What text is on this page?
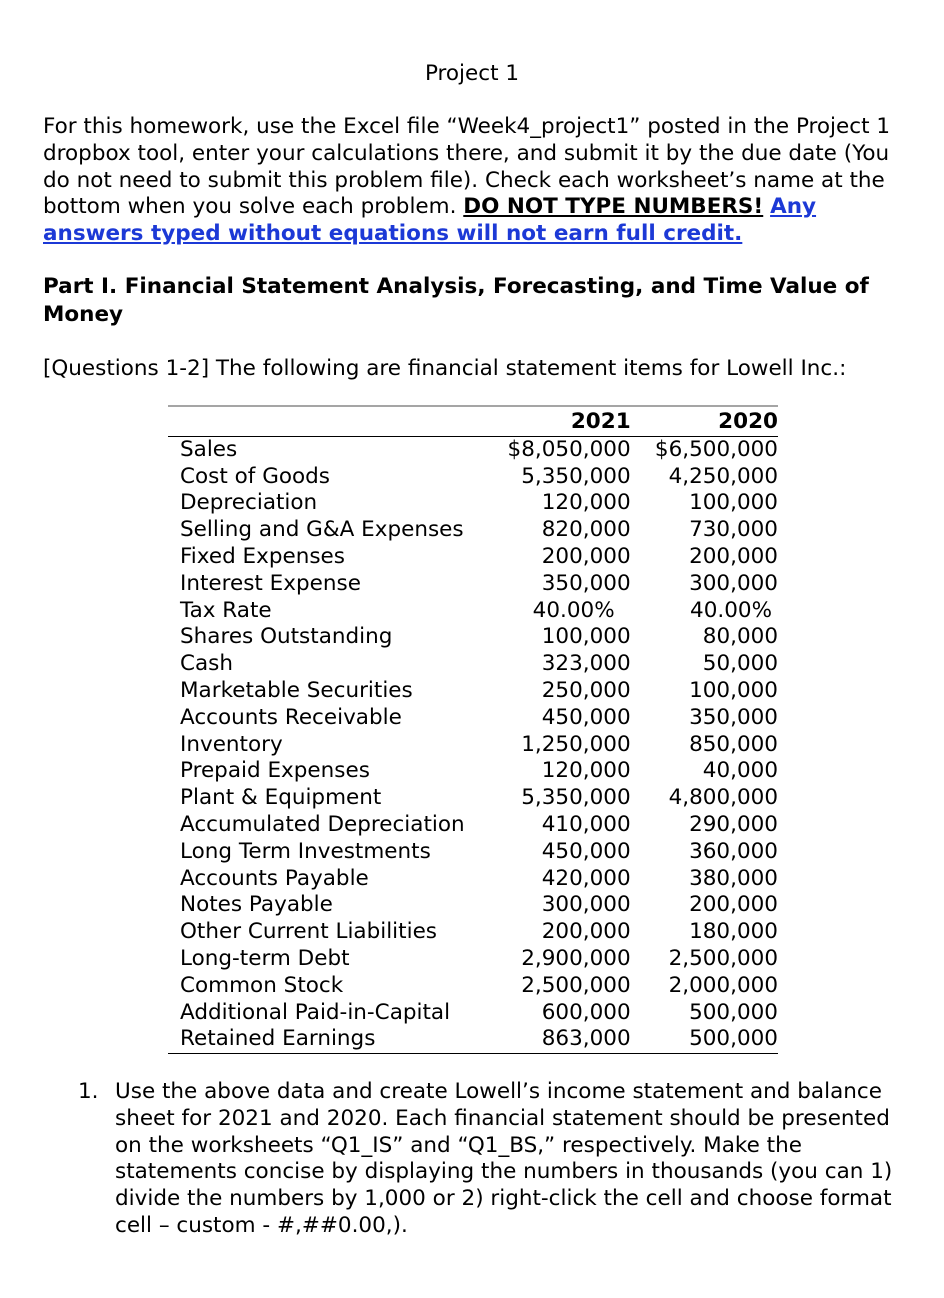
Project 1
For this homework, use the Excel file “Week4_project1” posted in the Project 1 dropbox tool, enter your calculations there, and submit it by the due date (You do not need to submit this problem file). Check each worksheet’s name at the bottom when you solve each problem. DO NOT TYPE NUMBERS! Any answers typed without equations will not earn full credit.
Part I. Financial Statement Analysis, Forecasting, and Time Value of Money
[Questions 1-2] The following are financial statement items for Lowell Inc.:

	2021	2020
Sales	$8,050,000	$6,500,000
Cost of Goods	5,350,000	4,250,000
Depreciation	120,000	100,000
Selling and G&A Expenses	820,000	730,000
Fixed Expenses	200,000	200,000
Interest Expense	350,000	300,000
Tax Rate	40.00%	40.00%
Shares Outstanding	100,000	80,000
Cash	323,000	50,000
Marketable Securities	250,000	100,000
Accounts Receivable	450,000	350,000
Inventory	1,250,000	850,000
Prepaid Expenses	120,000	40,000
Plant & Equipment	5,350,000	4,800,000
Accumulated Depreciation	410,000	290,000
Long Term Investments	450,000	360,000
Accounts Payable	420,000	380,000
Notes Payable	300,000	200,000
Other Current Liabilities	200,000	180,000
Long-term Debt	2,900,000	2,500,000
Common Stock	2,500,000	2,000,000
Additional Paid-in-Capital	600,000	500,000
Retained Earnings	863,000	500,000
1. Use the above data and create Lowell’s income statement and balance sheet for 2021 and 2020. Each financial statement should be presented on the worksheets “Q1_IS” and “Q1_BS,” respectively. Make the statements concise by displaying the numbers in thousands (you can 1) divide the numbers by 1,000 or 2) right-click the cell and choose format cell – custom - #,##0.00,).
